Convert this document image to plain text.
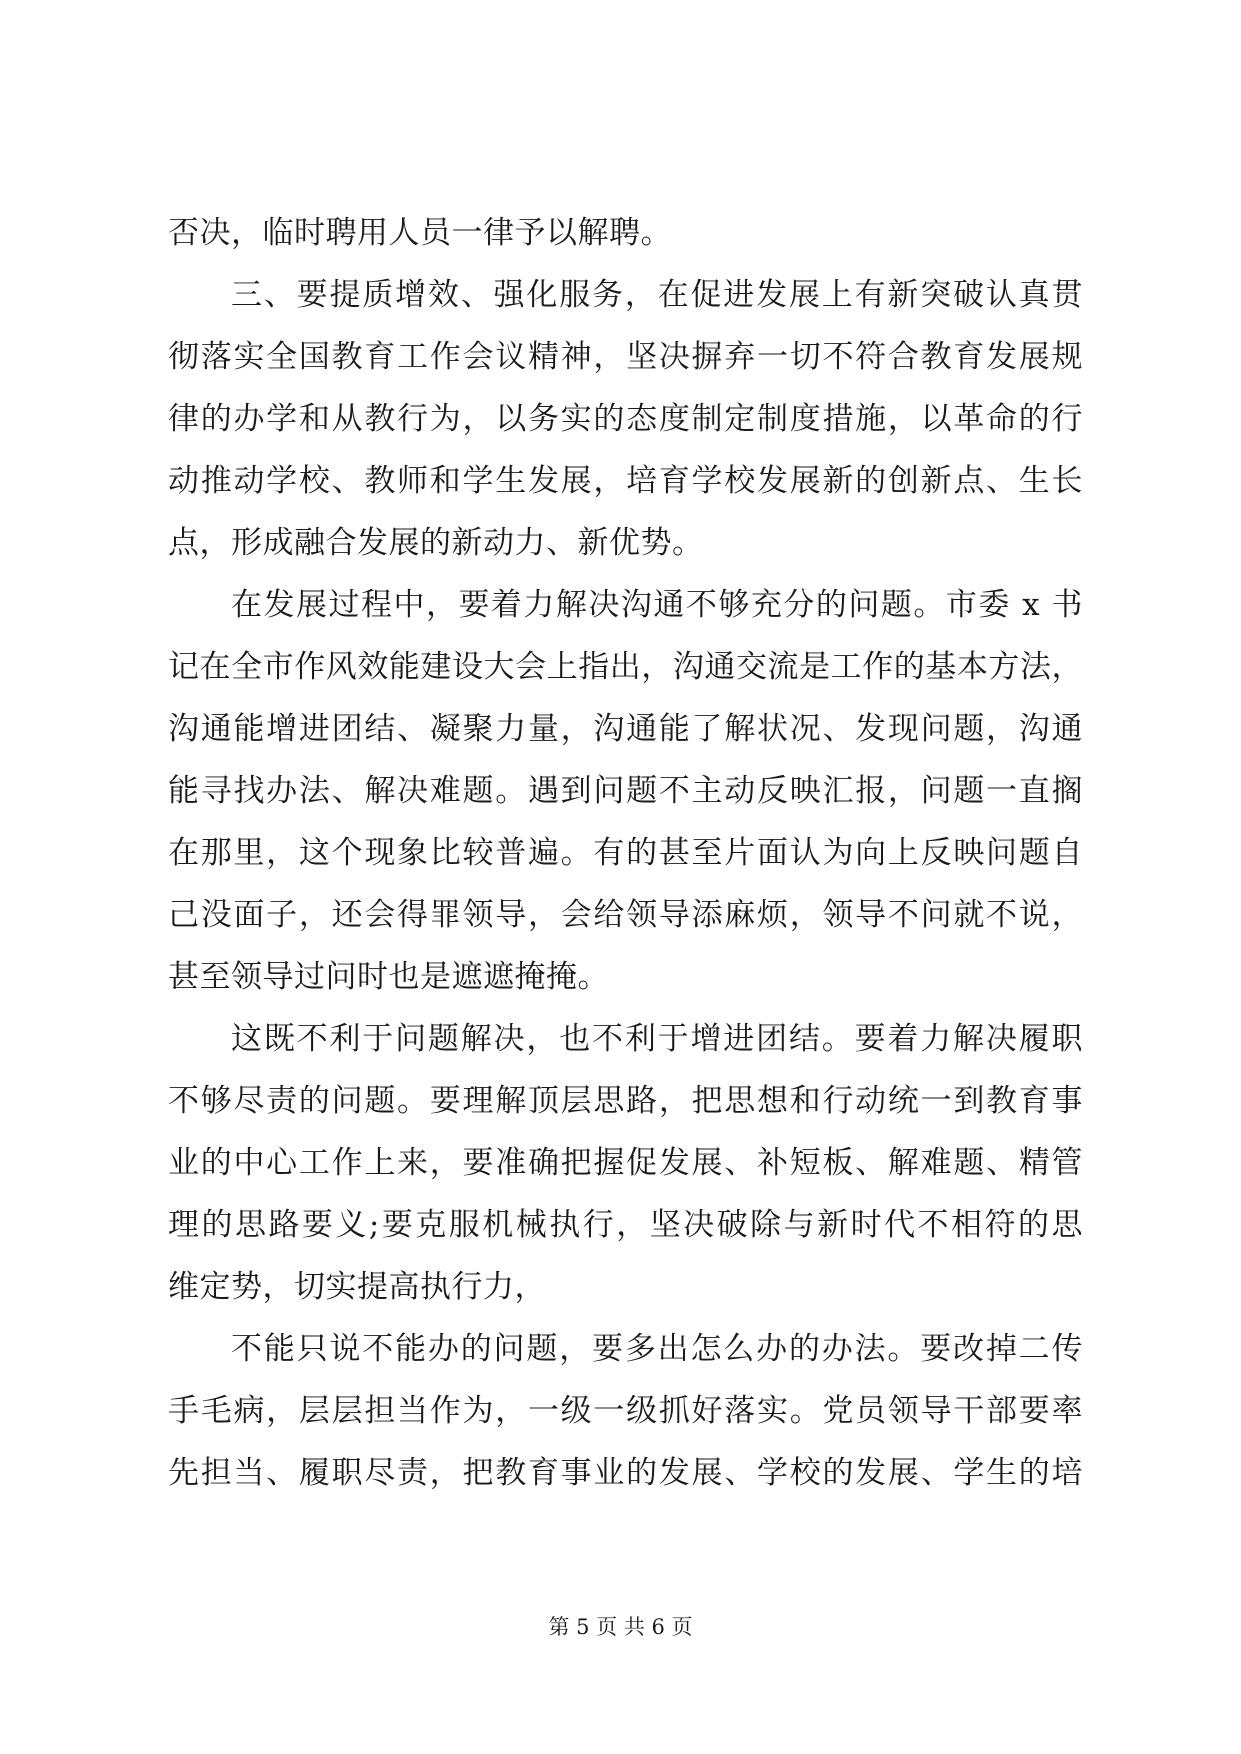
否决，临时聘用人员一律予以解聘。
三、要提质增效、强化服务，在促进发展上有新突破认真贯
彻落实全国教育工作会议精神，坚决摒弃一切不符合教育发展规
律的办学和从教行为，以务实的态度制定制度措施，以革命的行
动推动学校、教师和学生发展，培育学校发展新的创新点、生长
点，形成融合发展的新动力、新优势。
在发展过程中，要着力解决沟通不够充分的问题。市委 x 书
记在全市作风效能建设大会上指出，沟通交流是工作的基本方法，
沟通能增进团结、凝聚力量，沟通能了解状况、发现问题，沟通
能寻找办法、解决难题。遇到问题不主动反映汇报，问题一直搁
在那里，这个现象比较普遍。有的甚至片面认为向上反映问题自
己没面子，还会得罪领导，会给领导添麻烦，领导不问就不说，
甚至领导过问时也是遮遮掩掩。
这既不利于问题解决，也不利于增进团结。要着力解决履职
不够尽责的问题。要理解顶层思路，把思想和行动统一到教育事
业的中心工作上来，要准确把握促发展、补短板、解难题、精管
理的思路要义;要克服机械执行，坚决破除与新时代不相符的思
维定势，切实提高执行力，
不能只说不能办的问题，要多出怎么办的办法。要改掉二传
手毛病，层层担当作为，一级一级抓好落实。党员领导干部要率
先担当、履职尽责，把教育事业的发展、学校的发展、学生的培
第 5 页 共 6 页
